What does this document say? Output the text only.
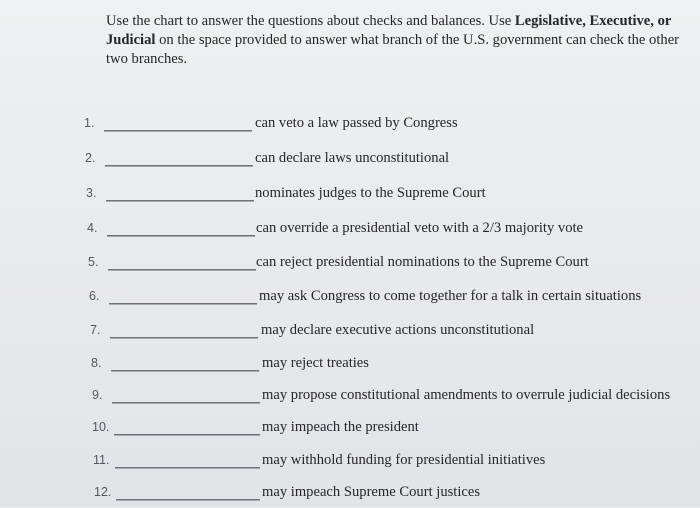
Use the chart to answer the questions about checks and balances. Use Legislative, Executive, or Judicial on the space provided to answer what branch of the U.S. government can check the other two branches.
1.	can veto a law passed by Congress
2.	can declare laws unconstitutional
3.	nominates judges to the Supreme Court
4.	can override a presidential veto with a 2/3 majority vote
5.	can reject presidential nominations to the Supreme Court
6.	may ask Congress to come together for a talk in certain situations
7.	may declare executive actions unconstitutional
8.	may reject treaties
9.	may propose constitutional amendments to overrule judicial decisions
10.	may impeach the president
11.	may withhold funding for presidential initiatives
12.	may impeach Supreme Court justices
